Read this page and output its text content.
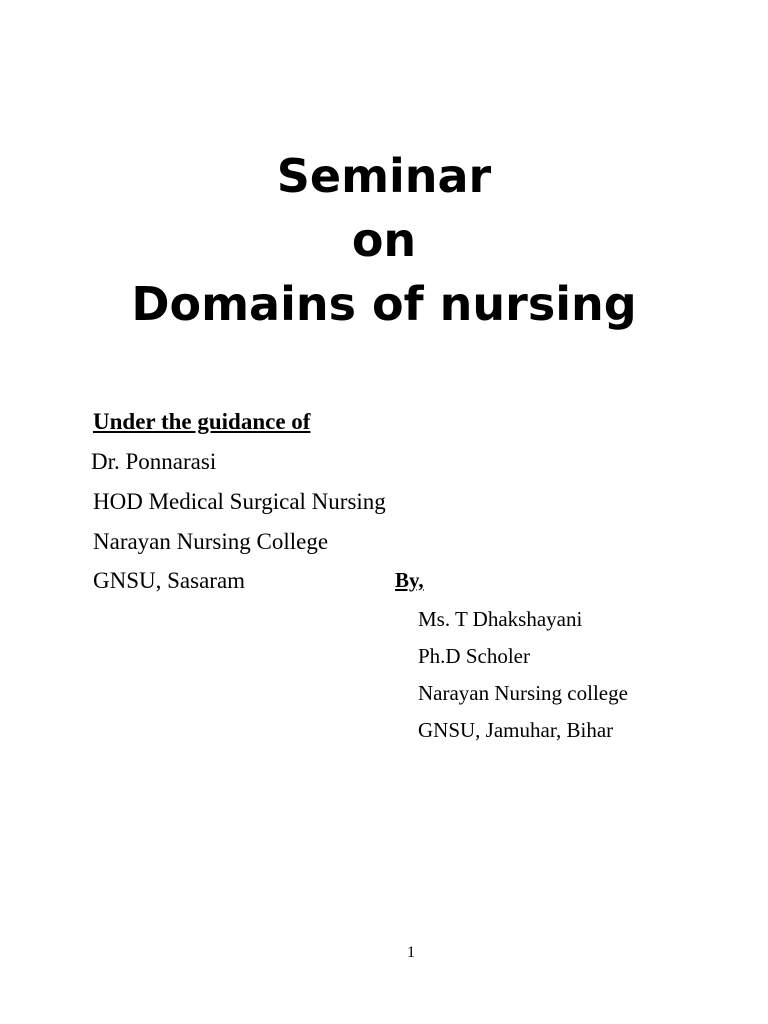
Seminar
on
Domains of nursing
Under the guidance of
Dr. Ponnarasi
HOD Medical Surgical Nursing
Narayan Nursing College
GNSU, Sasaram	By,
Ms. T Dhakshayani
Ph.D Scholer
Narayan Nursing college
GNSU, Jamuhar, Bihar
1
